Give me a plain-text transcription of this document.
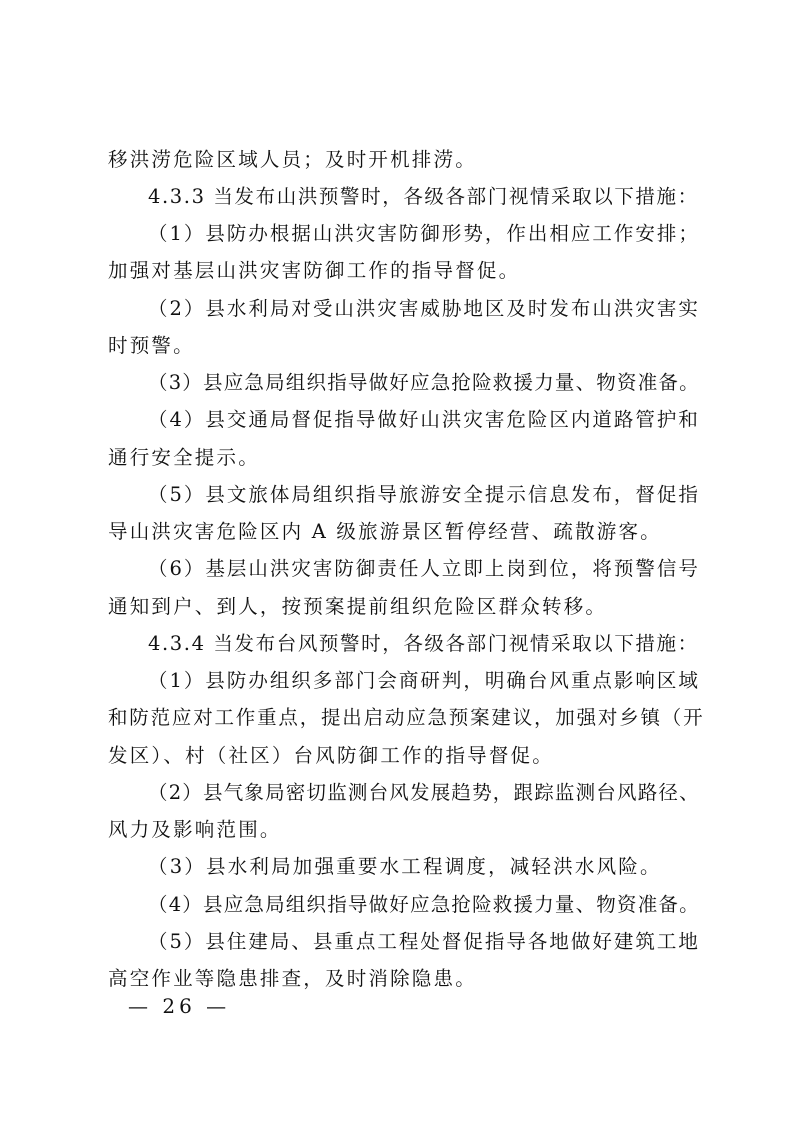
移洪涝危险区域人员；及时开机排涝。
4.3.3 当发布山洪预警时，各级各部门视情采取以下措施：
（1）县防办根据山洪灾害防御形势，作出相应工作安排；
加强对基层山洪灾害防御工作的指导督促。
（2）县水利局对受山洪灾害威胁地区及时发布山洪灾害实
时预警。
（3）县应急局组织指导做好应急抢险救援力量、物资准备。
（4）县交通局督促指导做好山洪灾害危险区内道路管护和
通行安全提示。
（5）县文旅体局组织指导旅游安全提示信息发布，督促指
导山洪灾害危险区内 A 级旅游景区暂停经营、疏散游客。
（6）基层山洪灾害防御责任人立即上岗到位，将预警信号
通知到户、到人，按预案提前组织危险区群众转移。
4.3.4 当发布台风预警时，各级各部门视情采取以下措施：
（1）县防办组织多部门会商研判，明确台风重点影响区域
和防范应对工作重点，提出启动应急预案建议，加强对乡镇（开
发区）、村（社区）台风防御工作的指导督促。
（2）县气象局密切监测台风发展趋势，跟踪监测台风路径、
风力及影响范围。
（3）县水利局加强重要水工程调度，减轻洪水风险。
（4）县应急局组织指导做好应急抢险救援力量、物资准备。
（5）县住建局、县重点工程处督促指导各地做好建筑工地
高空作业等隐患排查，及时消除隐患。
— 26 —
